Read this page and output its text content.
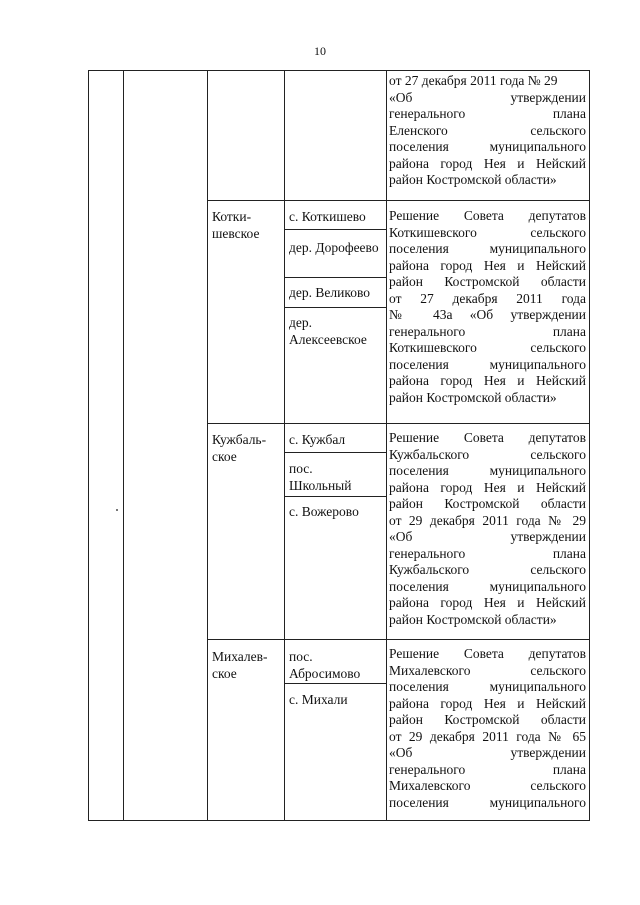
10
от 27 декабря 2011 года № 29
«Об утверждении
генерального плана
Еленского сельского
поселения муниципального
района город Нея и Нейский
район Костромской области»
Котки- шевское
с. Коткишево
дер. Дорофеево
дер. Великово
дер. Алексеевское
Решение Совета депутатов
Коткишевского сельского
поселения муниципального
района город Нея и Нейский
район Костромской области
от 27 декабря 2011 года
№ 43а «Об утверждении
генерального плана
Коткишевского сельского
поселения муниципального
района город Нея и Нейский
район Костромской области»
Кужбаль- ское
с. Кужбал
пос. Школьный
с. Вожерово
Решение Совета депутатов
Кужбальского сельского
поселения муниципального
района город Нея и Нейский
район Костромской области
от 29 декабря 2011 года № 29
«Об утверждении
генерального плана
Кужбальского сельского
поселения муниципального
района город Нея и Нейский
район Костромской области»
Михалев- ское
пос. Абросимово
с. Михали
Решение Совета депутатов
Михалевского сельского
поселения муниципального
района город Нея и Нейский
район Костромской области
от 29 декабря 2011 года № 65
«Об утверждении
генерального плана
Михалевского сельского
поселения муниципального
